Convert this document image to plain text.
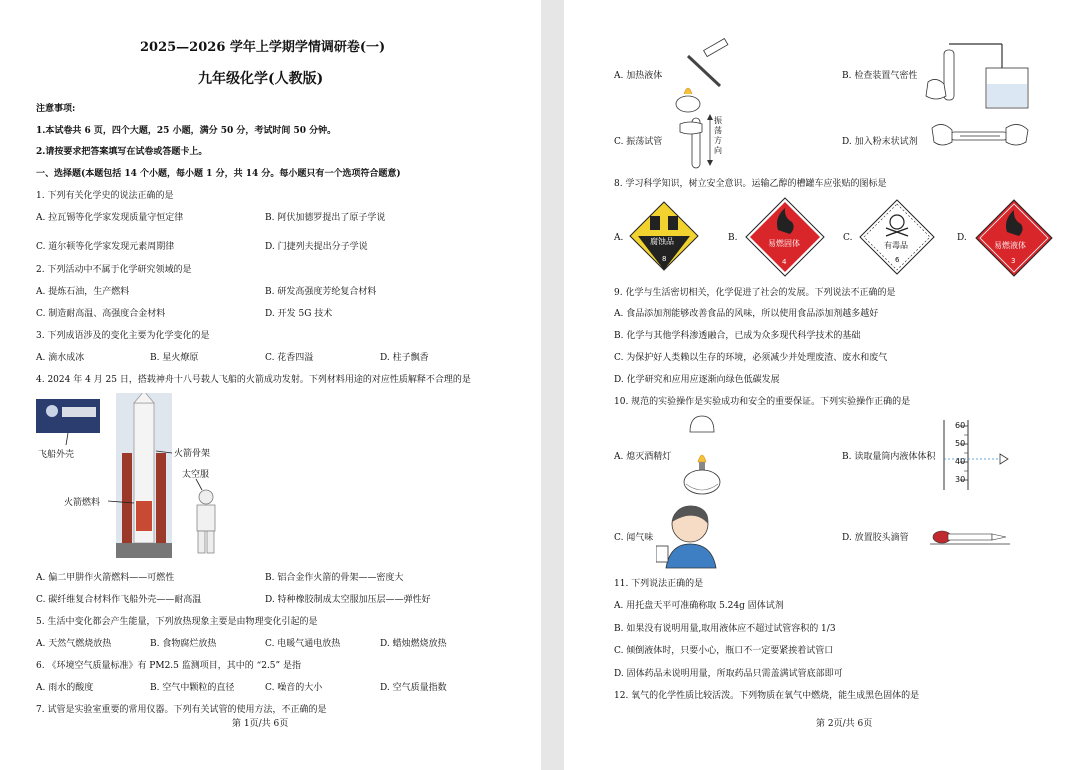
2025—2026 学年上学期学情调研卷(一)
九年级化学(人教版)
注意事项:
1.本试卷共 6 页，四个大题，25 小题，满分 50 分，考试时间 50 分钟。
2.请按要求把答案填写在试卷或答题卡上。
一、选择题(本题包括 14 个小题，每小题 1 分，共 14 分。每小题只有一个选项符合题意)
1. 下列有关化学史的说法正确的是
A. 拉瓦锡等化学家发现质量守恒定律	B. 阿伏加德罗提出了原子学说
C. 道尔顿等化学家发现元素周期律	D. 门捷列夫提出分子学说
2. 下列活动中不属于化学研究领域的是
A. 提炼石油，生产燃料	B. 研发高强度芳纶复合材料
C. 制造耐高温、高强度合金材料	D. 开发 5G 技术
3. 下列成语涉及的变化主要为化学变化的是
A. 滴水成冰	B. 星火燎原	C. 花香四溢	D. 柱子飘香
4. 2024 年 4 月 25 日，搭载神舟十八号载人飞船的火箭成功发射。下列材料用途的对应性质解释不合理的是
飞船外壳	火箭骨架
太空服
火箭燃料
A. 偏二甲肼作火箭燃料——可燃性	B. 铝合金作火箭的骨架——密度大
C. 碳纤维复合材料作飞船外壳——耐高温	D. 特种橡胶制成太空服加压层——弹性好
5. 生活中变化都会产生能量，下列放热现象主要是由物理变化引起的是
A. 天然气燃烧放热	B. 食物腐烂放热	C. 电暖气通电放热	D. 蜡烛燃烧放热
6. 《环境空气质量标准》有 PM2.5 监测项目，其中的 “2.5” 是指
A. 雨水的酸度	B. 空气中颗粒的直径	C. 噪音的大小	D. 空气质量指数
7. 试管是实验室重要的常用仪器。下列有关试管的使用方法，不正确的是
第 1页/共 6页
A. 加热液体	B. 检查装置气密性
C. 振荡试管
振荡方向
D. 加入粉末状试剂
8. 学习科学知识，树立安全意识。运输乙醇的槽罐车应张贴的图标是
A.	腐蚀品
8
B.
易燃固体
4
C.
有毒品
6
D.
易燃液体
3
9. 化学与生活密切相关，化学促进了社会的发展。下列说法不正确的是
A. 食品添加剂能够改善食品的风味，所以使用食品添加剂越多越好
B. 化学与其他学科渗透融合，已成为众多现代科学技术的基础
C. 为保护好人类赖以生存的环境，必须减少并处理废渣、废水和废气
D. 化学研究和应用应逐渐向绿色低碳发展
10. 规范的实验操作是实验成功和安全的重要保证。下列实验操作正确的是
A. 熄灭酒精灯	B. 读取量筒内液体体积
60
50
40
30
C. 闻气味	D. 放置胶头滴管
11. 下列说法正确的是
A. 用托盘天平可准确称取 5.24g 固体试剂
B. 如果没有说明用量,取用液体应不超过试管容积的 1/3
C. 倾倒液体时，只要小心，瓶口不一定要紧挨着试管口
D. 固体药品未说明用量，所取药品只需盖满试管底部即可
12. 氧气的化学性质比较活泼。下列物质在氧气中燃烧，能生成黑色固体的是
第 2页/共 6页
